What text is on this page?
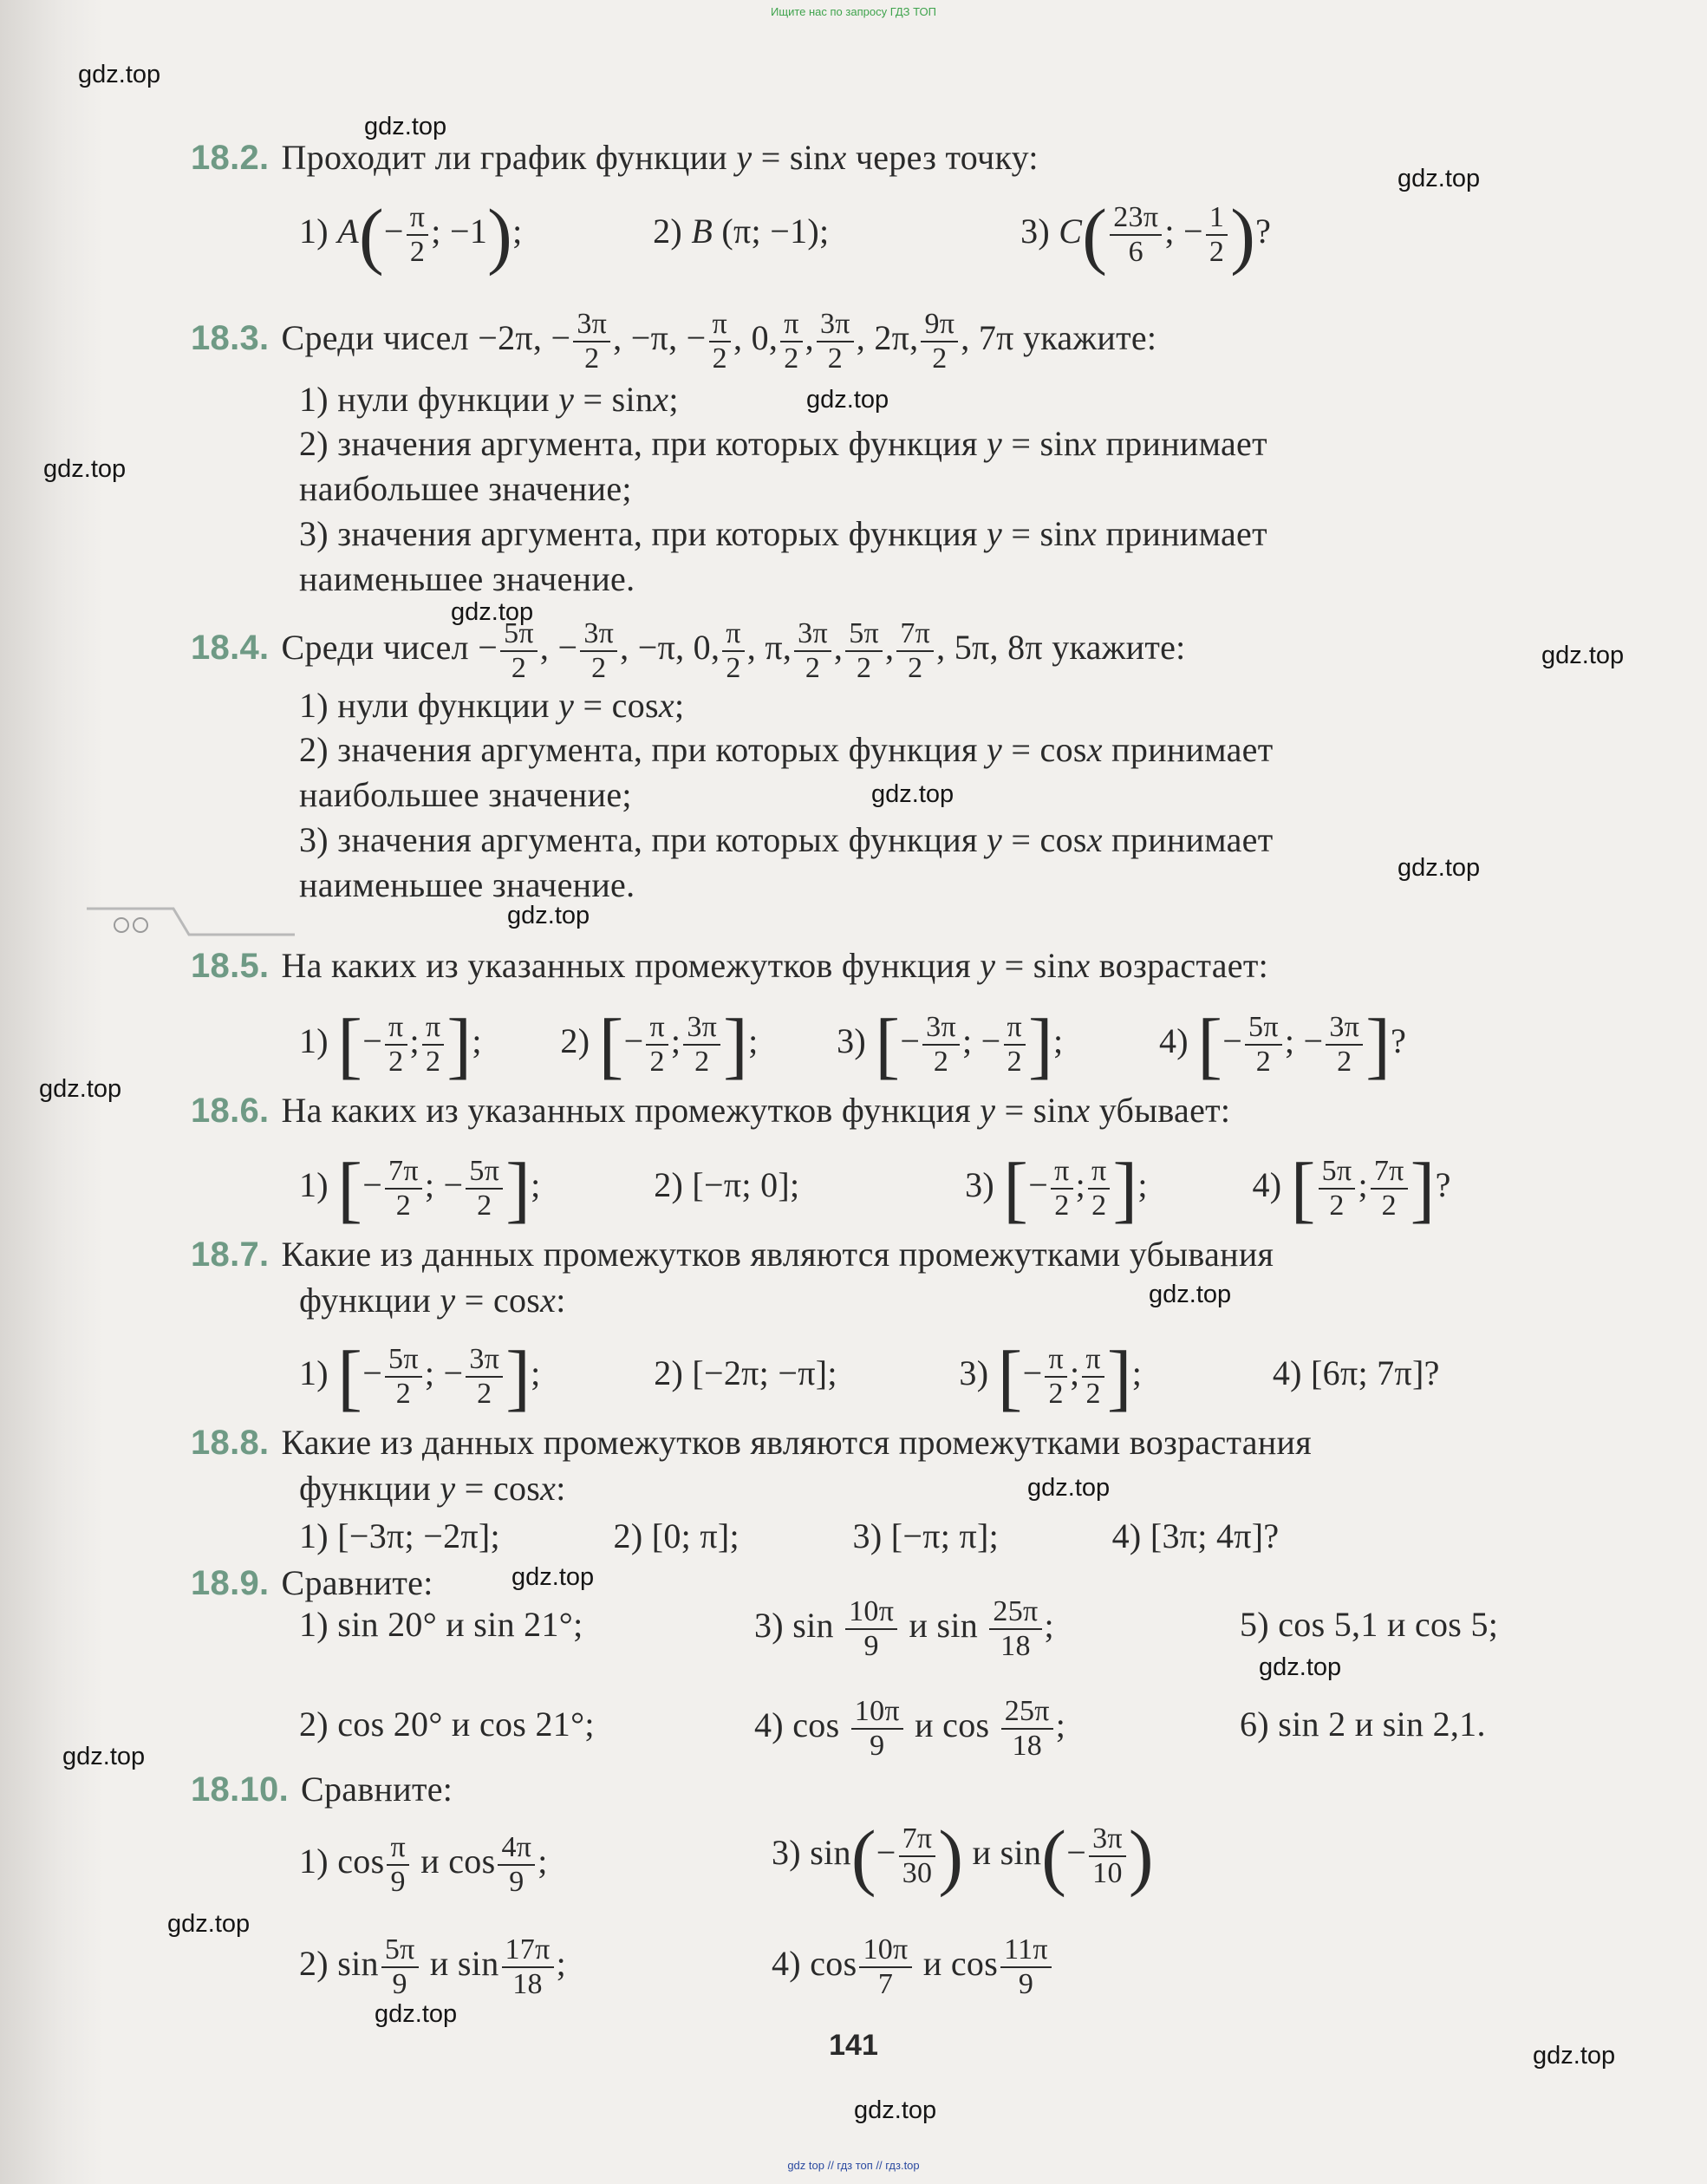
Ищите нас по запросу ГДЗ ТОП
gdz.top
gdz.top
gdz.top
gdz.top
gdz.top
gdz.top
gdz.top
gdz.top
gdz.top
gdz.top
gdz.top
gdz.top
gdz.top
gdz.top
gdz.top
gdz.top
gdz.top
gdz.top
gdz.top
gdz.top
18.2. Проходит ли график функции y = sinx через точку:
1) $A(- \frac{\pi}{2}$ ; −1);	2) B (π; −1);	3) $C( \frac{23\pi}{6}$ ; − $\frac{1}{2}$ )?
18.3. Среди чисел −2π, − $\frac{3\pi}{2}$ , −π, − $\frac{\pi}{2}$ , 0, $\frac{\pi}{2}$ , $\frac{3\pi}{2}$ , 2π, $\frac{9\pi}{2}$ , 7π укажите:
1) нули функции y = sinx;
2) значения аргумента, при которых функция y = sinx принимает
наибольшее значение;
3) значения аргумента, при которых функция y = sinx принимает
наименьшее значение.
18.4. Среди чисел − $\frac{5\pi}{2}$ , − $\frac{3\pi}{2}$ , −π, 0, $\frac{\pi}{2}$ , π, $\frac{3\pi}{2}$ , $\frac{5\pi}{2}$ , $\frac{7\pi}{2}$ , 5π, 8π укажите:
1) нули функции y = cosx;
2) значения аргумента, при которых функция y = cosx принимает
наибольшее значение;
3) значения аргумента, при которых функция y = cosx принимает
наименьшее значение.
18.5. На каких из указанных промежутков функция y = sinx возрастает:
1) [− $\frac{\pi}{2}$ ; $\frac{\pi}{2}$ ]; 2) [− $\frac{\pi}{2}$ ; $\frac{3\pi}{2}$ ]; 3) [− $\frac{3\pi}{2}$ ; − $\frac{\pi}{2}$ ];	4) [− $\frac{5\pi}{2}$ ; − $\frac{3\pi}{2}$ ]?
18.6. На каких из указанных промежутков функция y = sinx убывает:
1) [− $\frac{7\pi}{2}$ ; − $\frac{5\pi}{2}$ ];	2) [−π; 0];	3) [− $\frac{\pi}{2}$ ; $\frac{\pi}{2}$ ];	4) [ $\frac{5\pi}{2}$ ; $\frac{7\pi}{2}$ ]?
18.7. Какие из данных промежутков являются промежутками убывания
функции y = cosx:
1) [− $\frac{5\pi}{2}$ ; − $\frac{3\pi}{2}$ ];	2) [−2π; −π];	3) [− $\frac{\pi}{2}$ ; $\frac{\pi}{2}$ ];	4) [6π; 7π]?
18.8. Какие из данных промежутков являются промежутками возрастания
функции y = cosx:
1) [−3π; −2π];	2) [0; π];	3) [−π; π];	4) [3π; 4π]?
18.9. Сравните:
1) sin 20° и sin 21°;	3) $\sin \frac{10\pi}{9}$ и $\sin \frac{25\pi}{18}$ ;	5) cos 5,1 и cos 5;
2) cos 20° и cos 21°;	4) $\cos \frac{10\pi}{9}$ и $\cos \frac{25\pi}{18}$ ;	6) sin 2 и sin 2,1.
18.10. Сравните:
1) $\cos \frac{\pi}{9}$ и $\cos \frac{4\pi}{9}$ ;	3) $\sin(- \frac{7\pi}{30}$ ) и $\sin(- \frac{3\pi}{10}$ )
2) $\sin \frac{5\pi}{9}$ и $\sin \frac{17\pi}{18}$ ;	4) $\cos \frac{10\pi}{7}$ и $\cos \frac{11\pi}{9}$
141
gdz top // гдз топ // гдз.top
